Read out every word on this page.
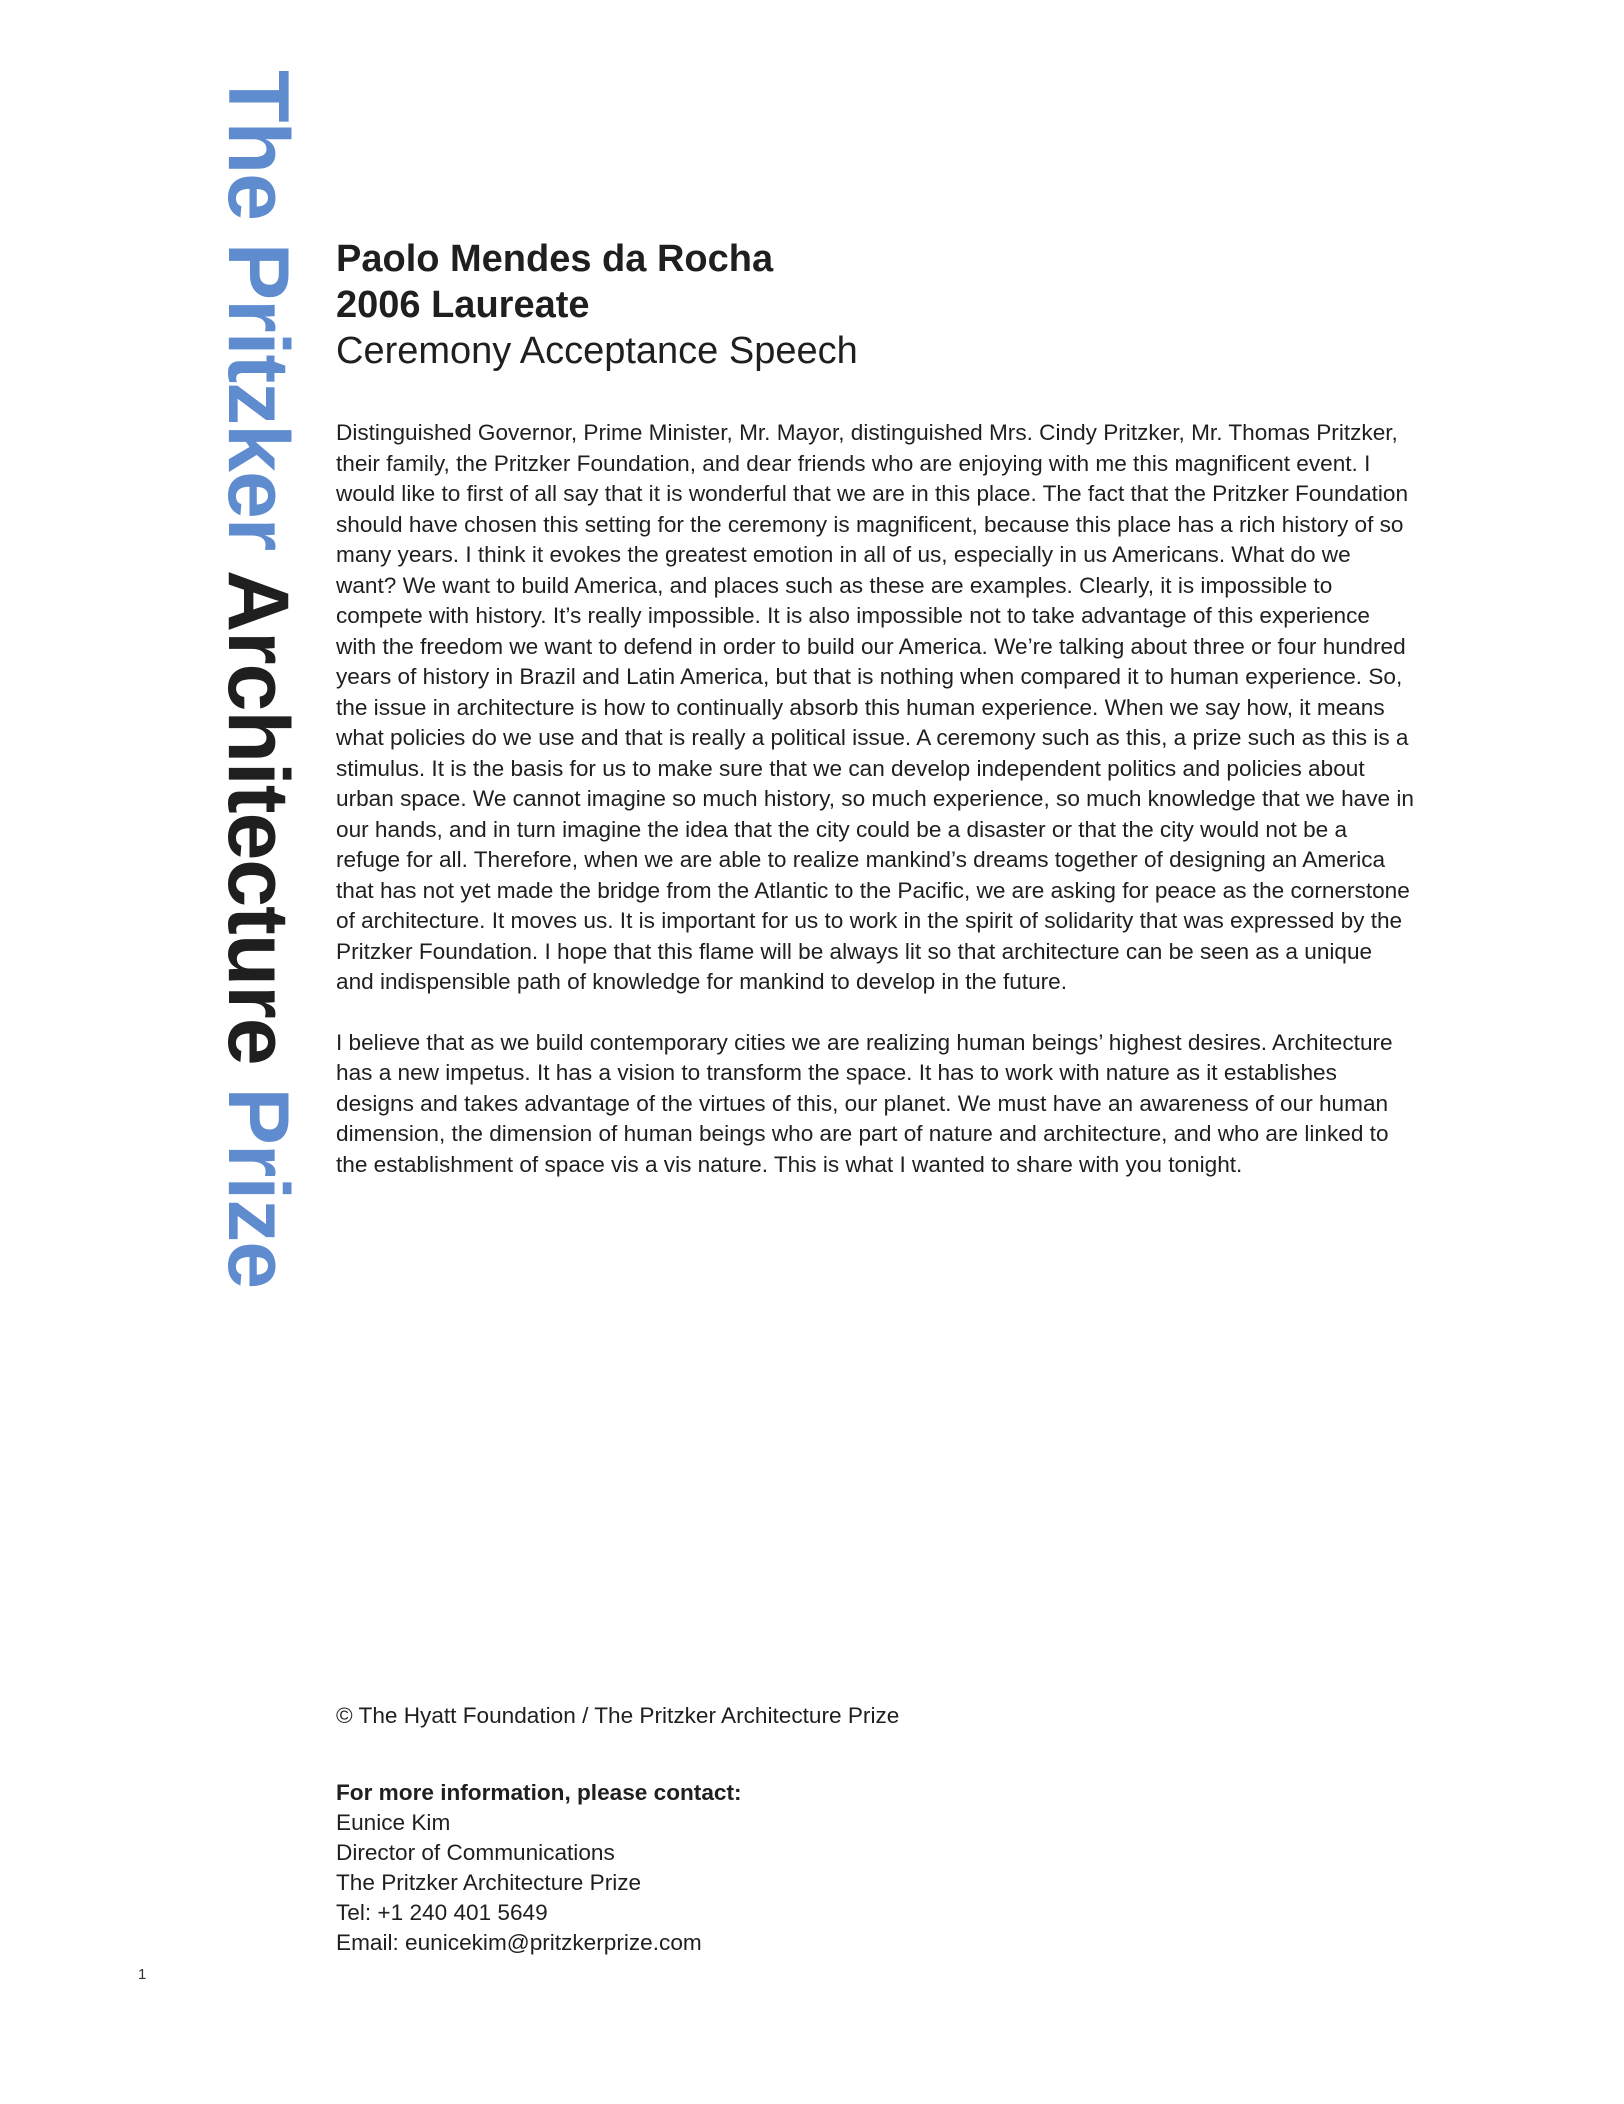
The Pritzker Architecture Prize
Paolo Mendes da Rocha
2006 Laureate
Ceremony Acceptance Speech

Distinguished Governor, Prime Minister, Mr. Mayor, distinguished Mrs. Cindy Pritzker, Mr. Thomas Pritzker, their family, the Pritzker Foundation, and dear friends who are enjoying with me this magnificent event. I would like to first of all say that it is wonderful that we are in this place. The fact that the Pritzker Foundation should have chosen this setting for the ceremony is magnificent, because this place has a rich history of so many years. I think it evokes the greatest emotion in all of us, especially in us Americans. What do we want? We want to build America, and places such as these are examples. Clearly, it is impossible to compete with history. It’s really impossible. It is also impossible not to take advantage of this experience with the freedom we want to defend in order to build our America. We’re talking about three or four hundred years of history in Brazil and Latin America, but that is nothing when compared it to human experience. So, the issue in architecture is how to continually absorb this human experience. When we say how, it means what policies do we use and that is really a political issue. A ceremony such as this, a prize such as this is a stimulus. It is the basis for us to make sure that we can develop independent politics and policies about urban space. We cannot imagine so much history, so much experience, so much knowledge that we have in our hands, and in turn imagine the idea that the city could be a disaster or that the city would not be a refuge for all. Therefore, when we are able to realize mankind’s dreams together of designing an America that has not yet made the bridge from the Atlantic to the Pacific, we are asking for peace as the cornerstone of architecture. It moves us. It is important for us to work in the spirit of solidarity that was expressed by the Pritzker Foundation. I hope that this flame will be always lit so that architecture can be seen as a unique and indispensible path of knowledge for mankind to develop in the future.

I believe that as we build contemporary cities we are realizing human beings’ highest desires. Architecture has a new impetus. It has a vision to transform the space. It has to work with nature as it establishes designs and takes advantage of the virtues of this, our planet. We must have an awareness of our human dimension, the dimension of human beings who are part of nature and architecture, and who are linked to the establishment of space vis a vis nature. This is what I wanted to share with you tonight.

© The Hyatt Foundation / The Pritzker Architecture Prize
For more information, please contact:
Eunice Kim
Director of Communications
The Pritzker Architecture Prize
Tel: +1 240 401 5649
Email: eunicekim@pritzkerprize.com
1
